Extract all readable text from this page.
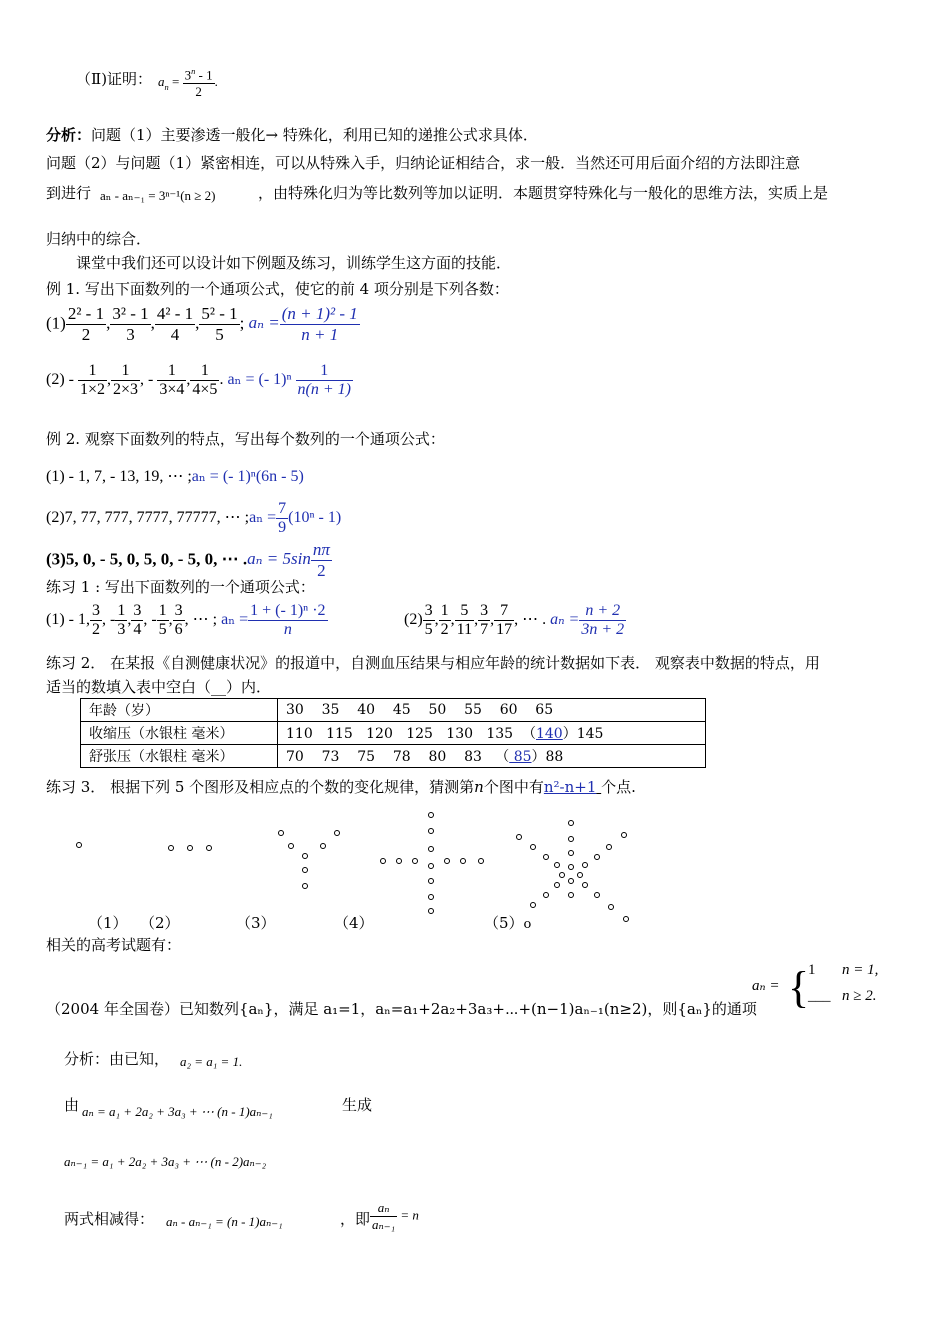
（Ⅱ)证明： $a_n = \frac{3^n - 1}{2}$ .
分析：问题（1）主要渗透一般化→ 特殊化，利用已知的递推公式求具体．
问题（2）与问题（1）紧密相连，可以从特殊入手，归纳论证相结合，求一般．当然还可用后面介绍的方法即注意
到进行 aₙ - aₙ₋₁ = 3ⁿ⁻¹(n ≥ 2)	，由特殊化归为等比数列等加以证明．本题贯穿特殊化与一般化的思维方法，实质上是
归纳中的综合．
课堂中我们还可以设计如下例题及练习，训练学生这方面的技能．
例 1. 写出下面数列的一个通项公式，使它的前 4 项分别是下列各数：
$(1) \frac{\text{2² - 1}}{2}$ , $\frac{\text{3² - 1}}{3}$ , $\frac{\text{4² - 1}}{4}$ , $\frac{\text{5² - 1}}{5}$ ; $a_n = \frac{\text{(n + 1)² - 1}}{n + 1}$
$(2) - \frac{1}{1\times 2}$ , $\frac{1}{2\times 3}$ , - $\frac{1}{3\times 4}$ , $\frac{1}{4\times 5}$ . aₙ = (- $1)^n \frac{1}{n(n + 1)}$
例 2. 观察下面数列的特点，写出每个数列的一个通项公式：
(1) - 1, 7, - 13, 19, ⋯ ;aₙ = (- 1)ⁿ(6n - 5)
(2)7, 77, 777, 7777, 77777, ⋯ ;aₙ = $\frac{7}{9} (10^n - 1)$
(3)5, 0, - 5, 0, 5, 0, - 5, 0, ⋯ $.a_n = 5\sin \frac{n\pi}{2}$
练习 1 : 写出下面数列的一个通项公式：
(1) - 1, $\frac{3}{2}$ , - $\frac{1}{3}$ , $\frac{3}{4}$ , - $\frac{1}{5}$ , $\frac{3}{6}$ , ⋯ ; $a_n = \frac{\text{1 + (- 1)ⁿ ·2}}{n}$	$(2) \frac{3}{5}$ , $\frac{1}{2}$ , $\frac{5}{11}$ , $\frac{3}{7}$ , $\frac{7}{17}$ , ⋯ . $a_n = \frac{n + 2}{3n + 2}$
练习 2． 在某报《自测健康状况》的报道中，自测血压结果与相应年龄的统计数据如下表． 观察表中数据的特点，用
适当的数填入表中空白（__）内．
年龄（岁）	30    35    40    45    50    55    60    65
收缩压（水银柱 毫米）	110   115   120   125   130   135  （140）145
舒张压（水银柱 毫米）	70    73    75    78    80    83   （ 85）88
练习 3． 根据下列 5 个图形及相应点的个数的变化规律，猜测第n个图中有n²-n+1 个点.
（1） （2）	（3）	（4）	（5）o
相关的高考试题有：
（2004 年全国卷）已知数列{aₙ}，满足 a₁=1，aₙ=a₁+2a₂+3a₃+⋯+(n−1)aₙ₋₁(n≥2)，则{aₙ}的通项
aₙ = {
1 n = 1,
___ n ≥ 2.
分析：由已知， a₂ = a₁ = 1.
由 aₙ = a₁ + 2a₂ + 3a₃ + ⋯ (n - 1)aₙ₋₁	生成
aₙ₋₁ = a₁ + 2a₂ + 3a₃ + ⋯ (n - 2)aₙ₋₂
两式相减得： aₙ - aₙ₋₁ = (n - 1)aₙ₋₁	，即 $\frac{\text{aₙ}}{\text{aₙ₋₁}} = n$
